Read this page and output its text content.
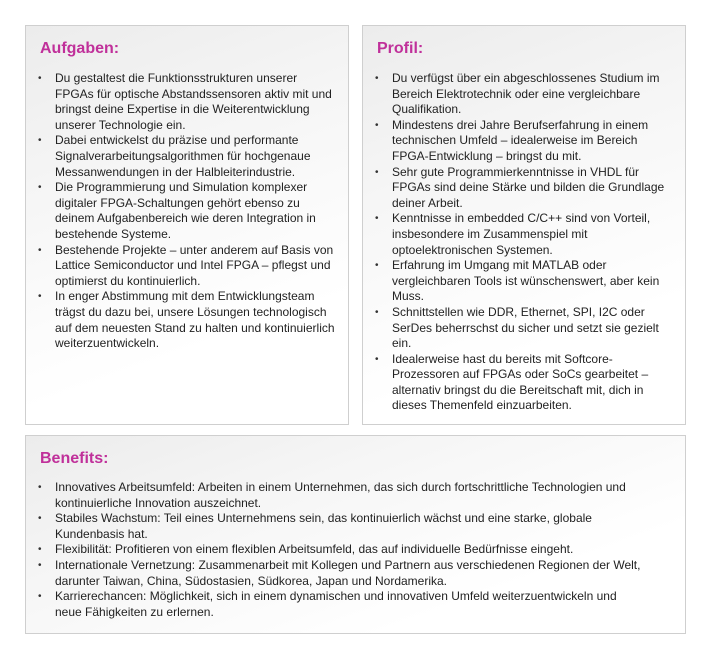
Aufgaben:
•	Du gestaltest die Funktionsstrukturen unserer FPGAs für optische Abstandssensoren aktiv mit und bringst deine Expertise in die Weiterentwicklung unserer Technologie ein.
•	Dabei entwickelst du präzise und performante Signalverarbeitungsalgorithmen für hochgenaue Messanwendungen in der Halbleiterindustrie.
•	Die Programmierung und Simulation komplexer digitaler FPGA-Schaltungen gehört ebenso zu deinem Aufgabenbereich wie deren Integration in bestehende Systeme.
•	Bestehende Projekte – unter anderem auf Basis von Lattice Semiconductor und Intel FPGA – pflegst und optimierst du kontinuierlich.
•	In enger Abstimmung mit dem Entwicklungsteam trägst du dazu bei, unsere Lösungen technologisch auf dem neuesten Stand zu halten und kontinuierlich weiterzuentwickeln.
Profil:
•	Du verfügst über ein abgeschlossenes Studium im Bereich Elektrotechnik oder eine vergleichbare Qualifikation.
•	Mindestens drei Jahre Berufserfahrung in einem technischen Umfeld – idealerweise im Bereich FPGA-Entwicklung – bringst du mit.
•	Sehr gute Programmierkenntnisse in VHDL für FPGAs sind deine Stärke und bilden die Grundlage deiner Arbeit.
•	Kenntnisse in embedded C/C++ sind von Vorteil, insbesondere im Zusammenspiel mit optoelektronischen Systemen.
•	Erfahrung im Umgang mit MATLAB oder vergleichbaren Tools ist wünschenswert, aber kein Muss.
•	Schnittstellen wie DDR, Ethernet, SPI, I2C oder SerDes beherrschst du sicher und setzt sie gezielt ein.
•	Idealerweise hast du bereits mit Softcore-Prozessoren auf FPGAs oder SoCs gearbeitet – alternativ bringst du die Bereitschaft mit, dich in dieses Themenfeld einzuarbeiten.
Benefits:
•	Innovatives Arbeitsumfeld: Arbeiten in einem Unternehmen, das sich durch fortschrittliche Technologien und kontinuierliche Innovation auszeichnet.
•	Stabiles Wachstum: Teil eines Unternehmens sein, das kontinuierlich wächst und eine starke, globale Kundenbasis hat.
•	Flexibilität: Profitieren von einem flexiblen Arbeitsumfeld, das auf individuelle Bedürfnisse eingeht.
•	Internationale Vernetzung: Zusammenarbeit mit Kollegen und Partnern aus verschiedenen Regionen der Welt, darunter Taiwan, China, Südostasien, Südkorea, Japan und Nordamerika.
•	Karrierechancen: Möglichkeit, sich in einem dynamischen und innovativen Umfeld weiterzuentwickeln und neue Fähigkeiten zu erlernen.
